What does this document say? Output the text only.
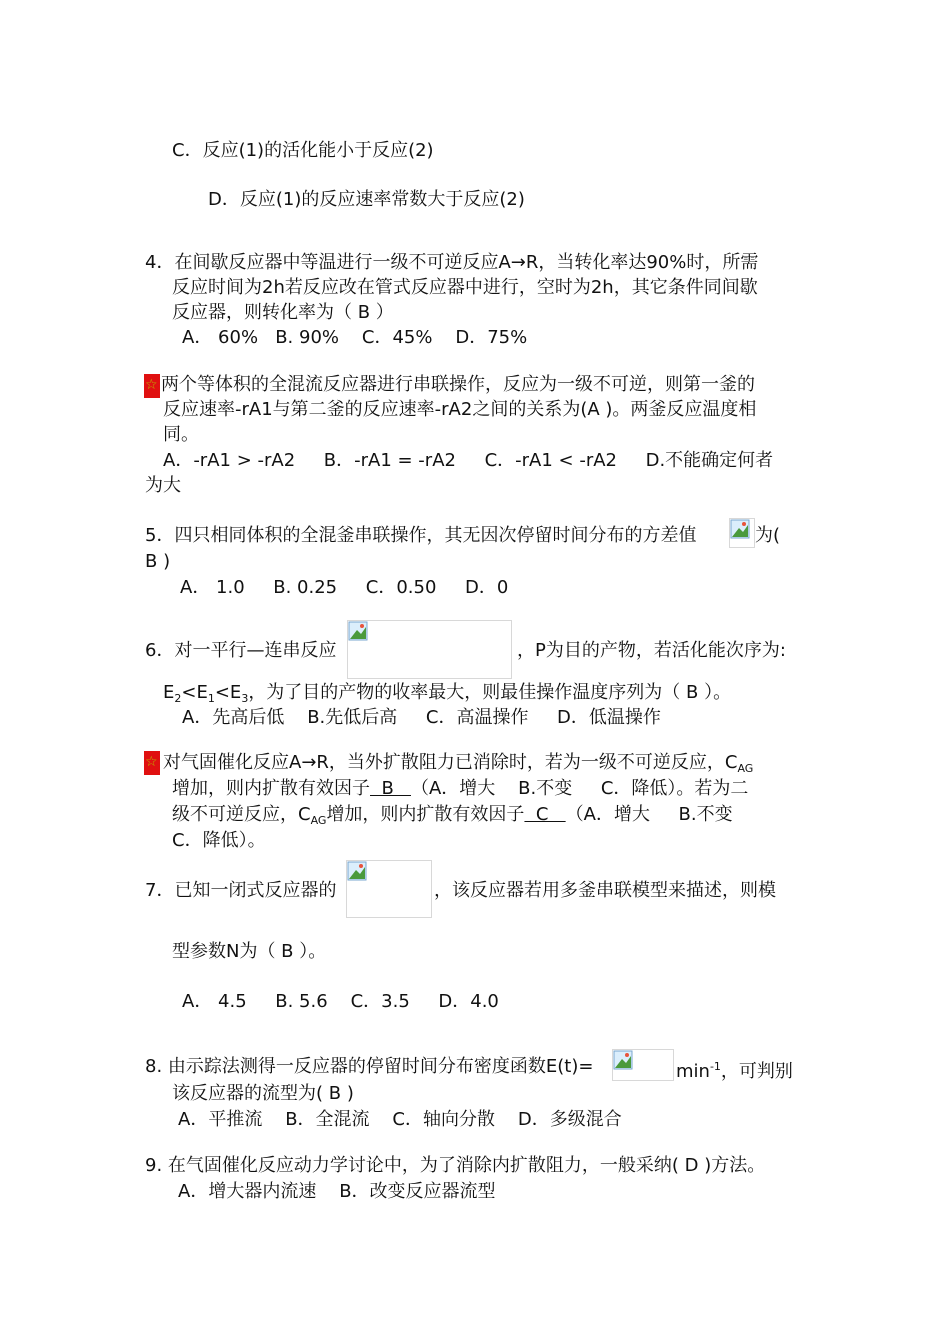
C．反应(1)的活化能小于反应(2)
D．反应(1)的反应速率常数大于反应(2)
4．在间歇反应器中等温进行一级不可逆反应A→R，当转化率达90%时，所需
反应时间为2h若反应改在管式反应器中进行，空时为2h，其它条件同间歇
反应器，则转化率为（ B ）
A． 60%   B. 90%    C．45%    D．75%
☆
两个等体积的全混流反应器进行串联操作，反应为一级不可逆，则第一釜的
反应速率-rA1与第二釜的反应速率-rA2之间的关系为(A )。两釜反应温度相
同。
A．-rA1 > -rA2     B．-rA1 = -rA2     C．-rA1 < -rA2     D.不能确定何者
为大
5．四只相同体积的全混釜串联操作，其无因次停留时间分布的方差值	为(
B )
A． 1.0     B. 0.25     C．0.50     D．0
6．对一平行—连串反应	，P为目的产物，若活化能次序为:
$E_2<E_1<E_3$，为了目的产物的收率最大，则最佳操作温度序列为（ B ）。
A．先高后低    B.先低后高     C．高温操作     D．低温操作
☆
对气固催化反应A→R，当外扩散阻力已消除时，若为一级不可逆反应，$C_{AG}$
增加，则内扩散有效因子  B   （A．增大    B.不变     C．降低）。若为二
级不可逆反应，$C_{AG}$增加，则内扩散有效因子  C   （A．增大     B.不变
C．降低）。
7．已知一闭式反应器的	，该反应器若用多釜串联模型来描述，则模
型参数N为（ B ）。
A． 4.5     B. 5.6    C．3.5     D．4.0
8. 由示踪法测得一反应器的停留时间分布密度函数E(t)=	$\min^{-1}$，可判别
该反应器的流型为( B )
A．平推流    B．全混流    C．轴向分散    D．多级混合
9. 在气固催化反应动力学讨论中，为了消除内扩散阻力，一般采纳( D )方法。
A．增大器内流速    B．改变反应器流型
